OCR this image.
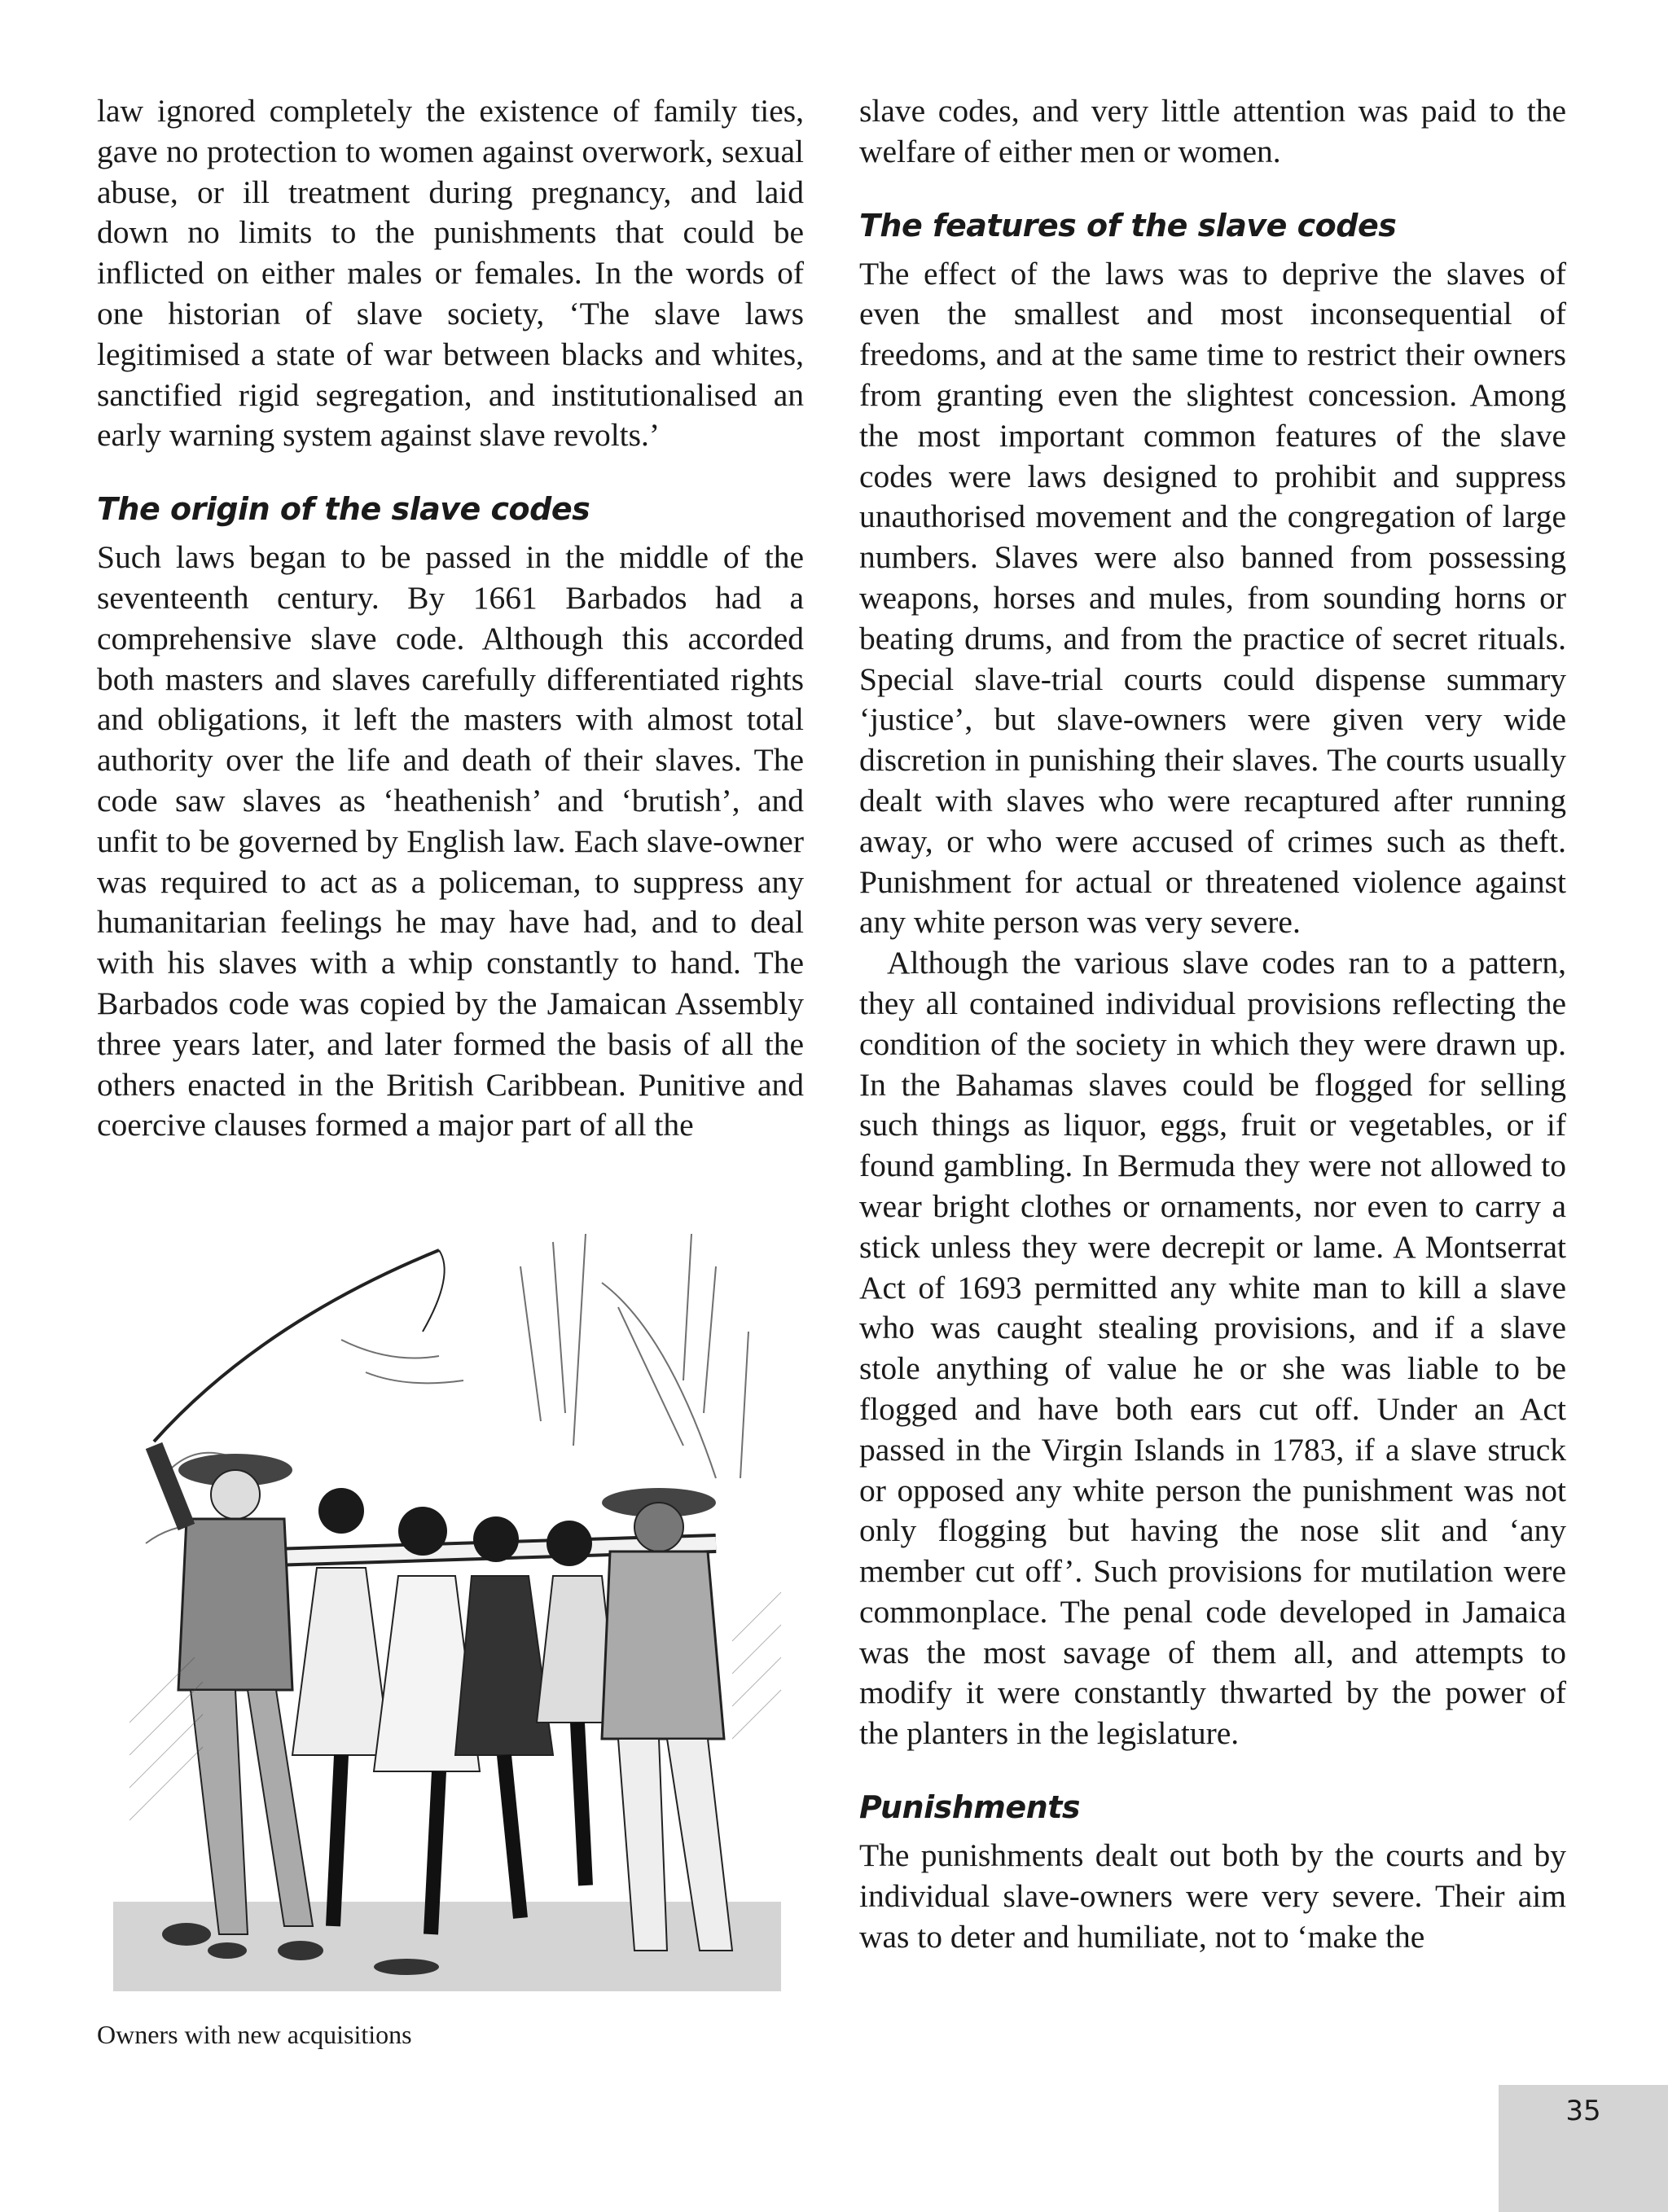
law ignored completely the existence of family ties, gave no protection to women against overwork, sexual abuse, or ill treatment during pregnancy, and laid down no limits to the punishments that could be inflicted on either males or females. In the words of one historian of slave society, ‘The slave laws legitimised a state of war between blacks and whites, sanctified rigid segregation, and institutionalised an early warning system against slave revolts.’

The origin of the slave codes

Such laws began to be passed in the middle of the seventeenth century. By 1661 Barbados had a comprehensive slave code. Although this accorded both masters and slaves carefully differentiated rights and obligations, it left the masters with almost total authority over the life and death of their slaves. The code saw slaves as ‘heathenish’ and ‘brutish’, and unfit to be governed by English law. Each slave-owner was required to act as a policeman, to suppress any humanitarian feelings he may have had, and to deal with his slaves with a whip constantly to hand. The Barbados code was copied by the Jamaican Assembly three years later, and later formed the basis of all the others enacted in the British Caribbean. Punitive and coercive clauses formed a major part of all the

Owners with new acquisitions

slave codes, and very little attention was paid to the welfare of either men or women.

The features of the slave codes

The effect of the laws was to deprive the slaves of even the smallest and most inconsequential of freedoms, and at the same time to restrict their owners from granting even the slightest concession. Among the most important common features of the slave codes were laws designed to prohibit and suppress unauthorised movement and the congregation of large numbers. Slaves were also banned from possessing weapons, horses and mules, from sounding horns or beating drums, and from the practice of secret rituals. Special slave-trial courts could dispense summary ‘justice’, but slave-owners were given very wide discretion in punishing their slaves. The courts usually dealt with slaves who were recaptured after running away, or who were accused of crimes such as theft. Punishment for actual or threatened violence against any white person was very severe.

Although the various slave codes ran to a pattern, they all contained individual provisions reflecting the condition of the society in which they were drawn up. In the Bahamas slaves could be flogged for selling such things as liquor, eggs, fruit or vegetables, or if found gambling. In Bermuda they were not allowed to wear bright clothes or ornaments, nor even to carry a stick unless they were decrepit or lame. A Montserrat Act of 1693 permitted any white man to kill a slave who was caught stealing provisions, and if a slave stole anything of value he or she was liable to be flogged and have both ears cut off. Under an Act passed in the Virgin Islands in 1783, if a slave struck or opposed any white person the punishment was not only flogging but having the nose slit and ‘any member cut off’. Such provisions for mutilation were commonplace. The penal code developed in Jamaica was the most savage of them all, and attempts to modify it were constantly thwarted by the power of the planters in the legislature.

Punishments

The punishments dealt out both by the courts and by individual slave-owners were very severe. Their aim was to deter and humiliate, not to ‘make the

35
